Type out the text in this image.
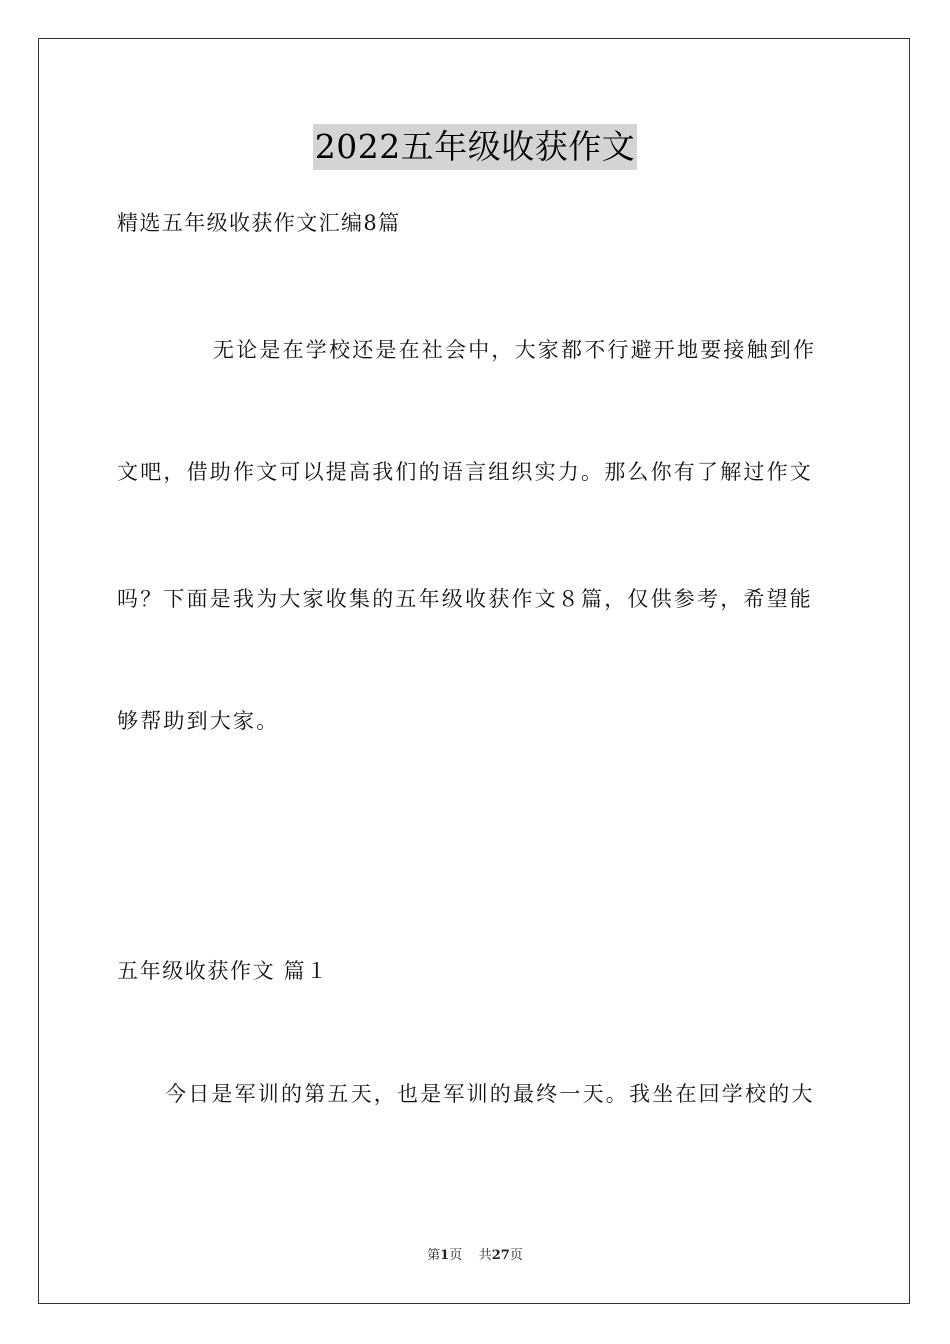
2022五年级收获作文
精选五年级收获作文汇编8篇
无论是在学校还是在社会中，大家都不行避开地要接触到作
文吧，借助作文可以提高我们的语言组织实力。那么你有了解过作文
吗？下面是我为大家收集的五年级收获作文８篇，仅供参考，希望能
够帮助到大家。
五年级收获作文 篇１
今日是军训的第五天，也是军训的最终一天。我坐在回学校的大
第1页 共27页
